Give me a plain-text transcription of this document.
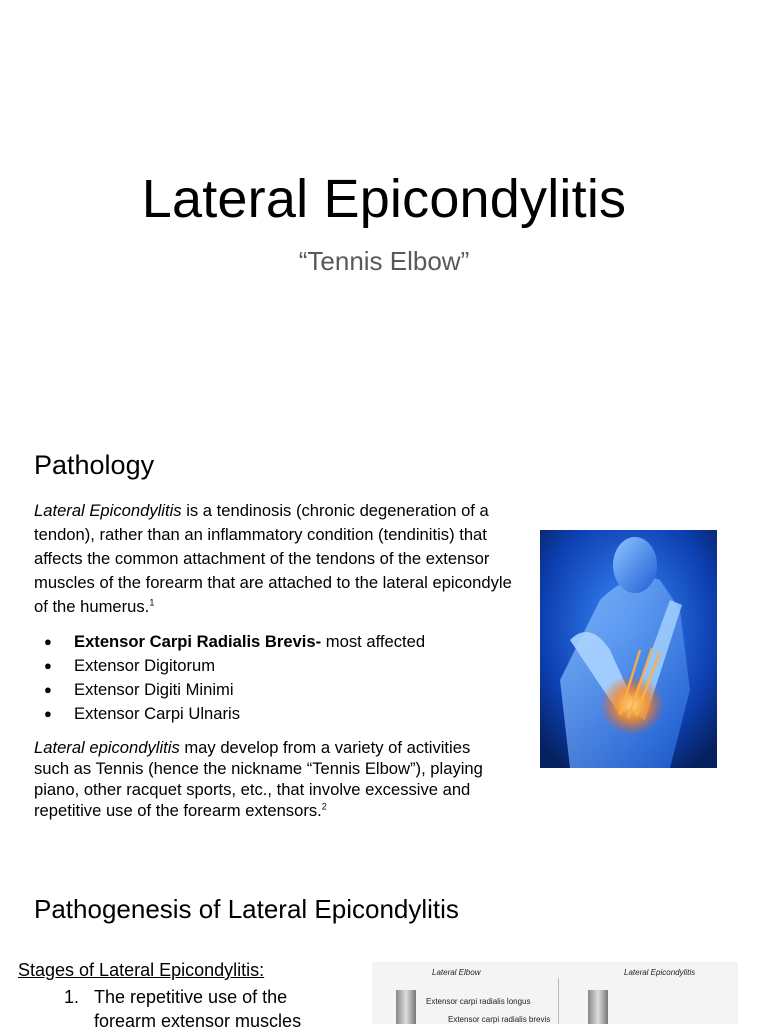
Lateral Epicondylitis
“Tennis Elbow”
Pathology
Lateral Epicondylitis is a tendinosis (chronic degeneration of a tendon), rather than an inflammatory condition (tendinitis) that affects the common attachment of the tendons of the extensor muscles of the forearm that are attached to the lateral epicondyle of the humerus.$^1$
● Extensor Carpi Radialis Brevis- most affected
● Extensor Digitorum
● Extensor Digiti Minimi
● Extensor Carpi Ulnaris
Lateral epicondylitis may develop from a variety of activities such as Tennis (hence the nickname “Tennis Elbow”), playing piano, other racquet sports, etc., that involve excessive and repetitive use of the forearm extensors.$^2$
Pathogenesis of Lateral Epicondylitis
Stages of Lateral Epicondylitis:
1. The repetitive use of the forearm extensor muscles
Lateral Elbow	Lateral Epicondylitis
Extensor carpi radialis longus
Extensor carpi radialis brevis
